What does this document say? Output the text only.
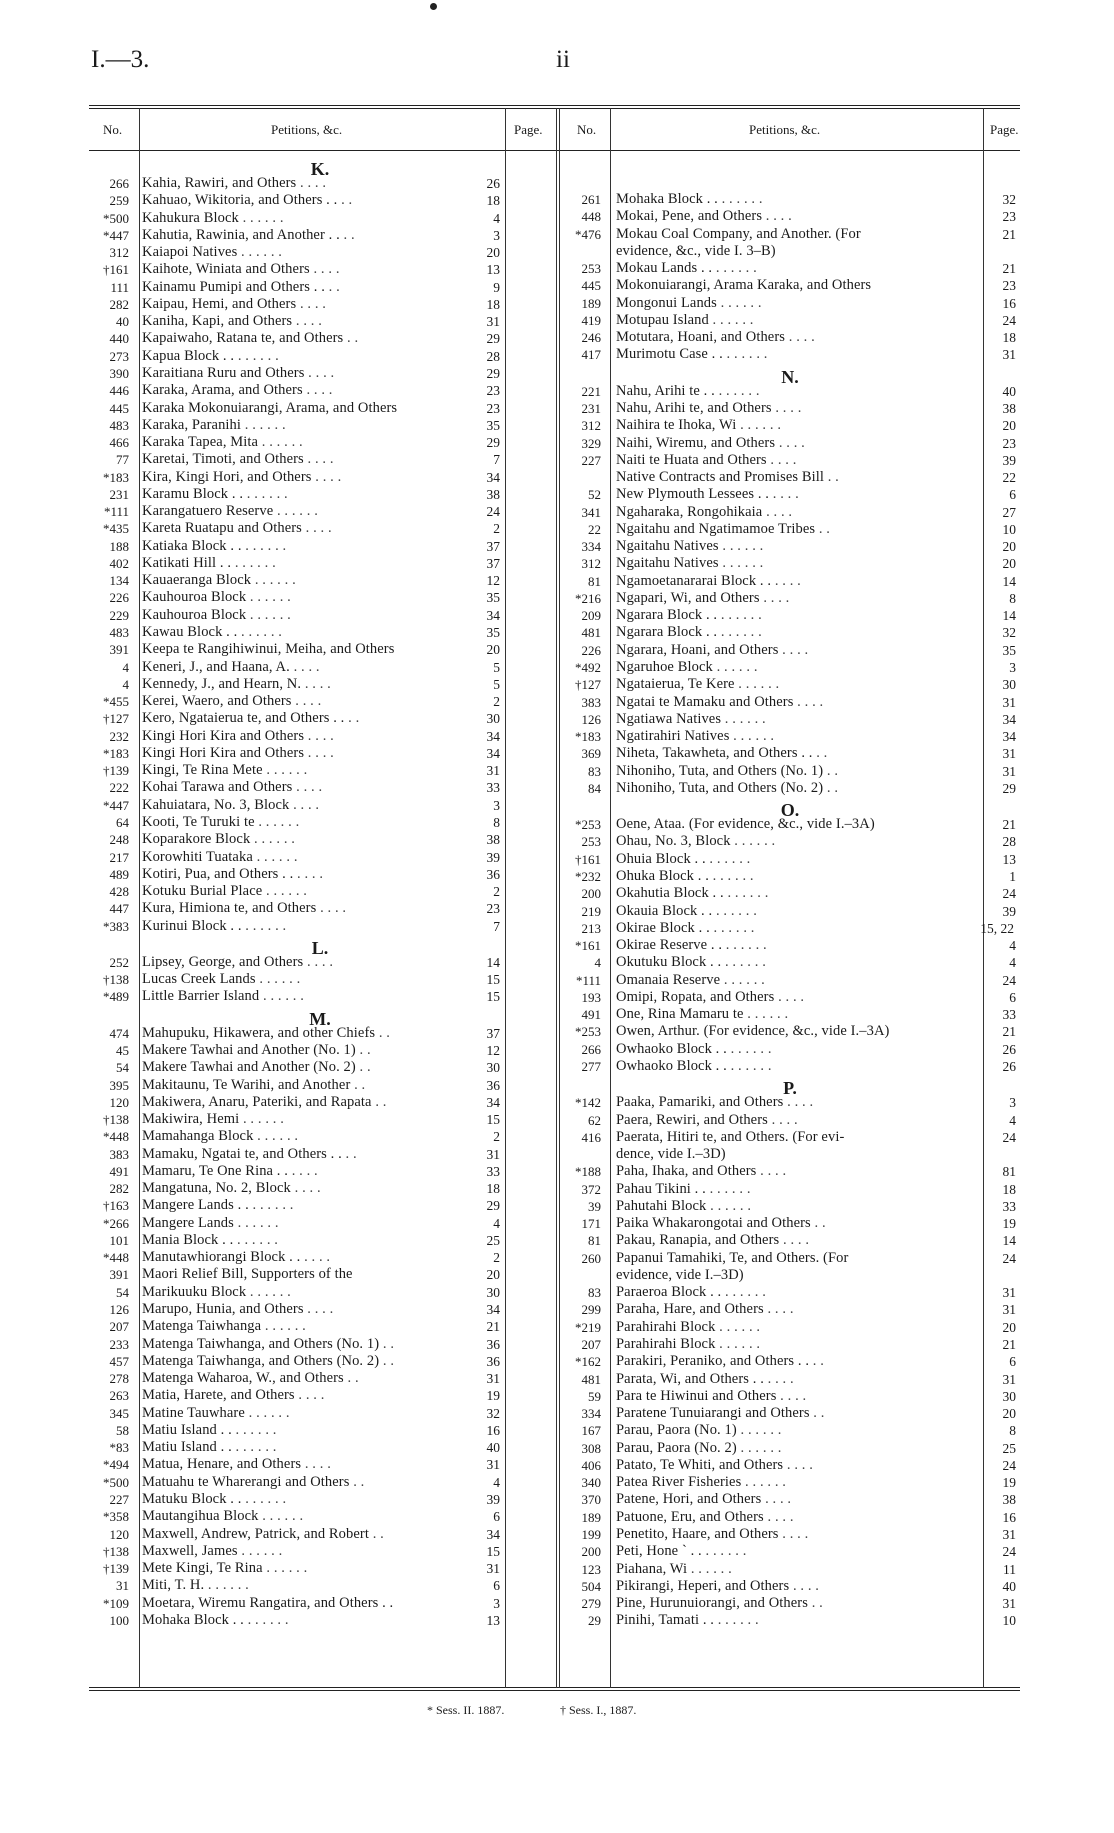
I.—3.	ii
No.	Petitions, &c.	Page.	No.	Petitions, &c.	Page.
K.
266 Kahia, Rawiri, and Others . . . .	26
259 Kahuao, Wikitoria, and Others . . . .	18
*500 Kahukura Block . . . . . .	4
*447 Kahutia, Rawinia, and Another . . . .	3
312 Kaiapoi Natives . . . . . .	20
†161 Kaihote, Winiata and Others . . . .	13
111 Kainamu Pumipi and Others . . . .	9
282 Kaipau, Hemi, and Others . . . .	18
40 Kaniha, Kapi, and Others . . . .	31
440 Kapaiwaho, Ratana te, and Others . .	29
273 Kapua Block . . . . . . . .	28
390 Karaitiana Ruru and Others . . . .	29
446 Karaka, Arama, and Others . . . .	23
445 Karaka Mokonuiarangi, Arama, and Others	23
483 Karaka, Paranihi . . . . . .	35
466 Karaka Tapea, Mita . . . . . .	29
77 Karetai, Timoti, and Others . . . .	7
*183 Kira, Kingi Hori, and Others . . . .	34
231 Karamu Block . . . . . . . .	38
*111 Karangatuero Reserve . . . . . .	24
*435 Kareta Ruatapu and Others . . . .	2
188 Katiaka Block . . . . . . . .	37
402 Katikati Hill . . . . . . . .	37
134 Kauaeranga Block . . . . . .	12
226 Kauhouroa Block . . . . . .	35
229 Kauhouroa Block . . . . . .	34
483 Kawau Block . . . . . . . .	35
391 Keepa te Rangihiwinui, Meiha, and Others	20
4 Keneri, J., and Haana, A. . . . .	5
4 Kennedy, J., and Hearn, N. . . . .	5
*455 Kerei, Waero, and Others . . . .	2
†127 Kero, Ngataierua te, and Others . . . .	30
232 Kingi Hori Kira and Others . . . .	34
*183 Kingi Hori Kira and Others . . . .	34
†139 Kingi, Te Rina Mete . . . . . .	31
222 Kohai Tarawa and Others . . . .	33
*447 Kahuiatara, No. 3, Block . . . .	3
64 Kooti, Te Turuki te . . . . . .	8
248 Koparakore Block . . . . . .	38
217 Korowhiti Tuataka . . . . . .	39
489 Kotiri, Pua, and Others . . . . . .	36
428 Kotuku Burial Place . . . . . .	2
447 Kura, Himiona te, and Others . . . .	23
*383 Kurinui Block . . . . . . . .	7
L.
252 Lipsey, George, and Others . . . .	14
†138 Lucas Creek Lands . . . . . .	15
*489 Little Barrier Island . . . . . .	15
M.
474 Mahupuku, Hikawera, and other Chiefs . .	37
45 Makere Tawhai and Another (No. 1) . .	12
54 Makere Tawhai and Another (No. 2) . .	30
395 Makitaunu, Te Warihi, and Another . .	36
120 Makiwera, Anaru, Pateriki, and Rapata . .	34
†138 Makiwira, Hemi . . . . . .	15
*448 Mamahanga Block . . . . . .	2
383 Mamaku, Ngatai te, and Others . . . .	31
491 Mamaru, Te One Rina . . . . . .	33
282 Mangatuna, No. 2, Block . . . .	18
†163 Mangere Lands . . . . . . . .	29
*266 Mangere Lands . . . . . .	4
101 Mania Block . . . . . . . .	25
*448 Manutawhiorangi Block . . . . . .	2
391 Maori Relief Bill, Supporters of the	20
54 Marikuuku Block . . . . . .	30
126 Marupo, Hunia, and Others . . . .	34
207 Matenga Taiwhanga . . . . . .	21
233 Matenga Taiwhanga, and Others (No. 1) . .	36
457 Matenga Taiwhanga, and Others (No. 2) . .	36
278 Matenga Waharoa, W., and Others . .	31
263 Matia, Harete, and Others . . . .	19
345 Matine Tauwhare . . . . . .	32
58 Matiu Island . . . . . . . .	16
*83 Matiu Island . . . . . . . .	40
*494 Matua, Henare, and Others . . . .	31
*500 Matuahu te Wharerangi and Others . .	4
227 Matuku Block . . . . . . . .	39
*358 Mautangihua Block . . . . . .	6
120 Maxwell, Andrew, Patrick, and Robert . .	34
†138 Maxwell, James . . . . . .	15
†139 Mete Kingi, Te Rina . . . . . .	31
31 Miti, T. H. . . . . . .	6
*109 Moetara, Wiremu Rangatira, and Others . .	3
100 Mohaka Block . . . . . . . .	13
261 Mohaka Block . . . . . . . .	32
448 Mokai, Pene, and Others . . . .	23
*476 Mokau Coal Company, and Another. (For	21
evidence, &c., vide I. 3–B)
253 Mokau Lands . . . . . . . .	21
445 Mokonuiarangi, Arama Karaka, and Others	23
189 Mongonui Lands . . . . . .	16
419 Motupau Island . . . . . .	24
246 Motutara, Hoani, and Others . . . .	18
417 Murimotu Case . . . . . . . .	31
N.
221 Nahu, Arihi te . . . . . . . .	40
231 Nahu, Arihi te, and Others . . . .	38
312 Naihira te Ihoka, Wi . . . . . .	20
329 Naihi, Wiremu, and Others . . . .	23
227 Naiti te Huata and Others . . . .	39
Native Contracts and Promises Bill . .	22
52 New Plymouth Lessees . . . . . .	6
341 Ngaharaka, Rongohikaia . . . .	27
22 Ngaitahu and Ngatimamoe Tribes . .	10
334 Ngaitahu Natives . . . . . .	20
312 Ngaitahu Natives . . . . . .	20
81 Ngamoetanararai Block . . . . . .	14
*216 Ngapari, Wi, and Others . . . .	8
209 Ngarara Block . . . . . . . .	14
481 Ngarara Block . . . . . . . .	32
226 Ngarara, Hoani, and Others . . . .	35
*492 Ngaruhoe Block . . . . . .	3
†127 Ngataierua, Te Kere . . . . . .	30
383 Ngatai te Mamaku and Others . . . .	31
126 Ngatiawa Natives . . . . . .	34
*183 Ngatirahiri Natives . . . . . .	34
369 Niheta, Takawheta, and Others . . . .	31
83 Nihoniho, Tuta, and Others (No. 1) . .	31
84 Nihoniho, Tuta, and Others (No. 2) . .	29
O.
*253 Oene, Ataa. (For evidence, &c., vide I.–3A)	21
253 Ohau, No. 3, Block . . . . . .	28
†161 Ohuia Block . . . . . . . .	13
*232 Ohuka Block . . . . . . . .	1
200 Okahutia Block . . . . . . . .	24
219 Okauia Block . . . . . . . .	39
213 Okirae Block . . . . . . . .	15, 22
*161 Okirae Reserve . . . . . . . .	4
4 Okutuku Block . . . . . . . .	4
*111 Omanaia Reserve . . . . . .	24
193 Omipi, Ropata, and Others . . . .	6
491 One, Rina Mamaru te . . . . . .	33
*253 Owen, Arthur. (For evidence, &c., vide I.–3A)	21
266 Owhaoko Block . . . . . . . .	26
277 Owhaoko Block . . . . . . . .	26
P.
*142 Paaka, Pamariki, and Others . . . .	3
62 Paera, Rewiri, and Others . . . .	4
416 Paerata, Hitiri te, and Others. (For evi-	24
dence, vide I.–3D)
*188 Paha, Ihaka, and Others . . . .	81
372 Pahau Tikini . . . . . . . .	18
39 Pahutahi Block . . . . . .	33
171 Paika Whakarongotai and Others . .	19
81 Pakau, Ranapia, and Others . . . .	14
260 Papanui Tamahiki, Te, and Others. (For	24
evidence, vide I.–3D)
83 Paraeroa Block . . . . . . . .	31
299 Paraha, Hare, and Others . . . .	31
*219 Parahirahi Block . . . . . .	20
207 Parahirahi Block . . . . . .	21
*162 Parakiri, Peraniko, and Others . . . .	6
481 Parata, Wi, and Others . . . . . .	31
59 Para te Hiwinui and Others . . . .	30
334 Paratene Tunuiarangi and Others . .	20
167 Parau, Paora (No. 1) . . . . . .	8
308 Parau, Paora (No. 2) . . . . . .	25
406 Patato, Te Whiti, and Others . . . .	24
340 Patea River Fisheries . . . . . .	19
370 Patene, Hori, and Others . . . .	38
189 Patuone, Eru, and Others . . . .	16
199 Penetito, Haare, and Others . . . .	31
200 Peti, Hone ` . . . . . . . .	24
123 Piahana, Wi . . . . . .	11
504 Pikirangi, Heperi, and Others . . . .	40
279 Pine, Hurunuiorangi, and Others . .	31
29 Pinihi, Tamati . . . . . . . .	10
* Sess. II. 1887.	† Sess. I., 1887.
